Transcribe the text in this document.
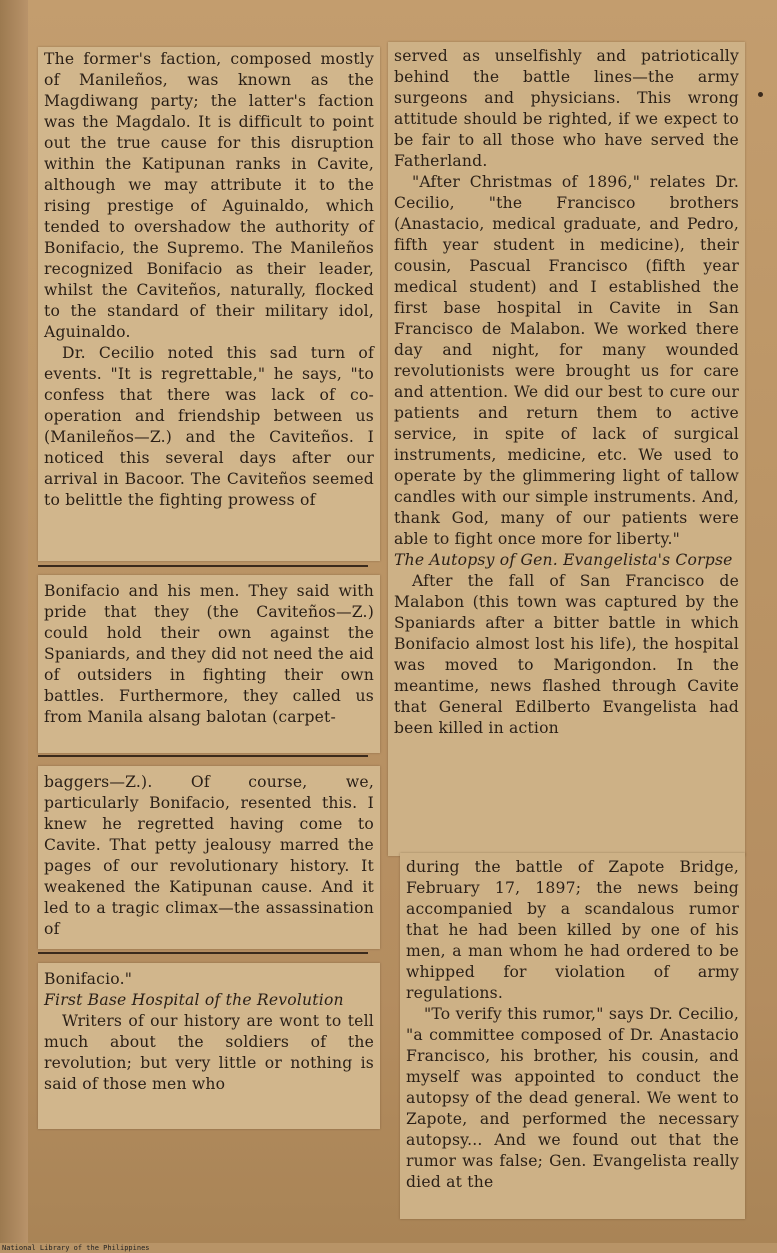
The former's faction, composed mostly of Manileños, was known as the Magdiwang party; the latter's faction was the Magdalo. It is difficult to point out the true cause for this disruption within the Katipunan ranks in Cavite, although we may attribute it to the rising prestige of Aguinaldo, which tended to overshadow the authority of Bonifacio, the Supremo. The Manileños recognized Bonifacio as their leader, whilst the Caviteños, naturally, flocked to the standard of their military idol, Aguinaldo.

Dr. Cecilio noted this sad turn of events. "It is regrettable," he says, "to confess that there was lack of co-operation and friendship between us (Manileños—Z.) and the Caviteños. I noticed this several days after our arrival in Bacoor. The Caviteños seemed to belittle the fighting prowess of

Bonifacio and his men. They said with pride that they (the Caviteños—Z.) could hold their own against the Spaniards, and they did not need the aid of outsiders in fighting their own battles. Furthermore, they called us from Manila alsang balotan (carpet-

baggers—Z.). Of course, we, particularly Bonifacio, resented this. I knew he regretted having come to Cavite. That petty jealousy marred the pages of our revolutionary history. It weakened the Katipunan cause. And it led to a tragic climax—the assassination of

Bonifacio."

First Base Hospital of the Revolution

Writers of our history are wont to tell much about the soldiers of the revolution; but very little or nothing is said of those men who

served as unselfishly and patriotically behind the battle lines—the army surgeons and physicians. This wrong attitude should be righted, if we expect to be fair to all those who have served the Fatherland.

"After Christmas of 1896," relates Dr. Cecilio, "the Francisco brothers (Anastacio, medical graduate, and Pedro, fifth year student in medicine), their cousin, Pascual Francisco (fifth year medical student) and I established the first base hospital in Cavite in San Francisco de Malabon. We worked there day and night, for many wounded revolutionists were brought us for care and attention. We did our best to cure our patients and return them to active service, in spite of lack of surgical instruments, medicine, etc. We used to operate by the glimmering light of tallow candles with our simple instruments. And, thank God, many of our patients were able to fight once more for liberty."

The Autopsy of Gen. Evangelista's Corpse

After the fall of San Francisco de Malabon (this town was captured by the Spaniards after a bitter battle in which Bonifacio almost lost his life), the hospital was moved to Marigondon. In the meantime, news flashed through Cavite that General Edilberto Evangelista had been killed in action

during the battle of Zapote Bridge, February 17, 1897; the news being accompanied by a scandalous rumor that he had been killed by one of his men, a man whom he had ordered to be whipped for violation of army regulations.

"To verify this rumor," says Dr. Cecilio, "a committee composed of Dr. Anastacio Francisco, his brother, his cousin, and myself was appointed to conduct the autopsy of the dead general. We went to Zapote, and performed the necessary autopsy... And we found out that the rumor was false; Gen. Evangelista really died at the

National Library of the Philippines
